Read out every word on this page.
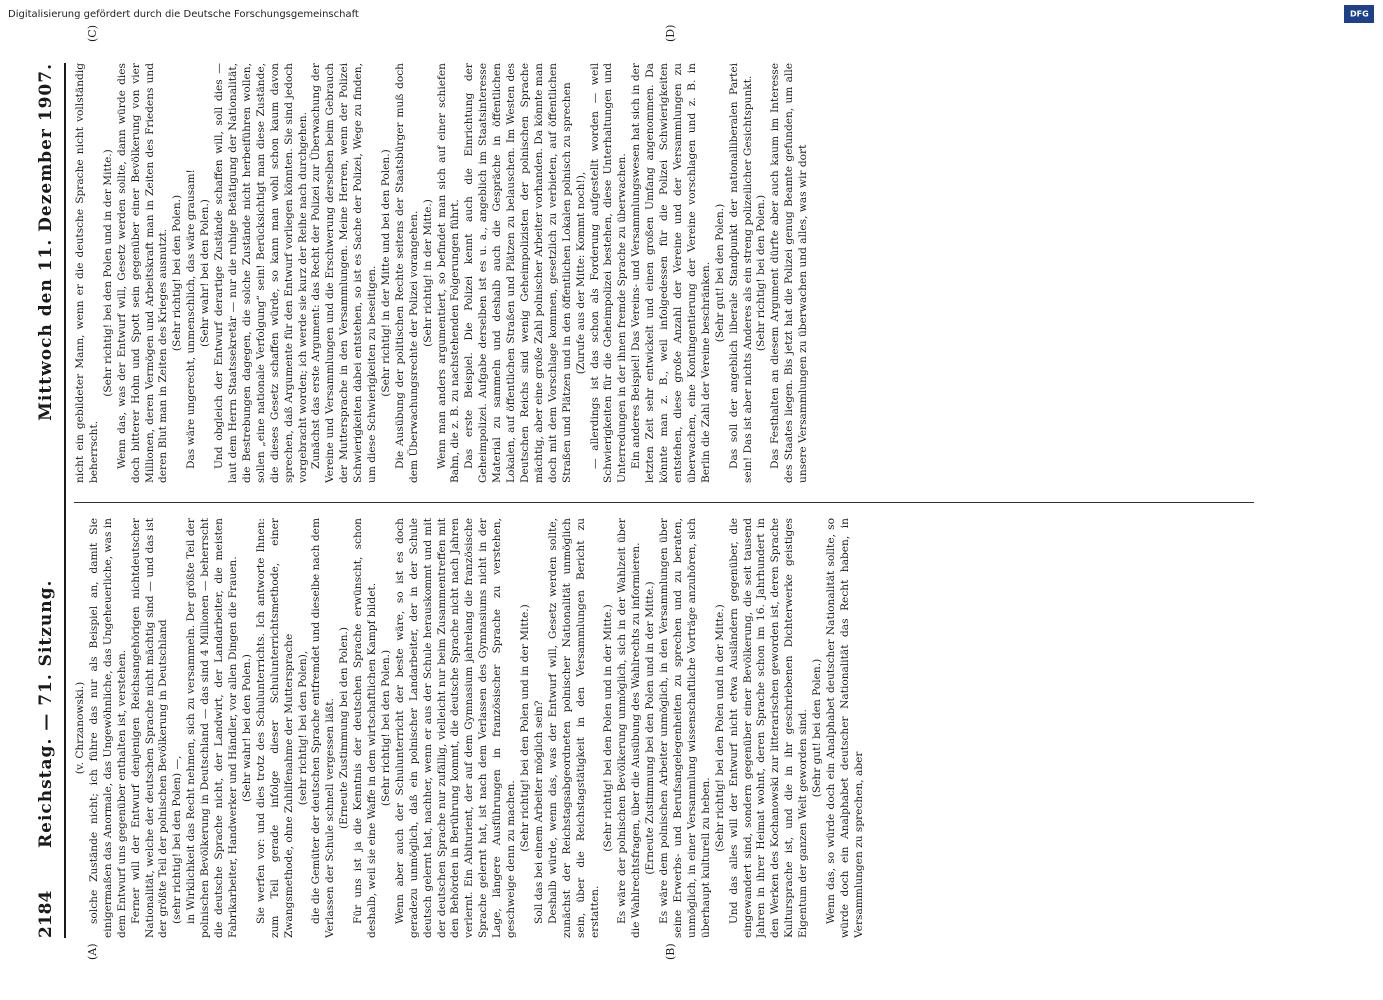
2184
Reichstag. — 71. Sitzung.
Mittwoch den 11. Dezember 1907.
(A)	(B)
(C)	(D)

(v. Chrzanowski.) solche Zustände nicht; ich führe das nur als Beispiel an, damit Sie einigermaßen das Anormale, das Ungewöhnliche, das Ungeheuerliche, was in dem Entwurf uns gegenüber enthalten ist, verstehen. Ferner will der Entwurf denjenigen Reichsangehörigen nichtdeutscher Nationalität, welche der deutschen Sprache nicht mächtig sind — und das ist der größte Teil der polnischen Bevölkerung in Deutschland (sehr richtig! bei den Polen) —, in Wirklichkeit das Recht nehmen, sich zu versammeln. Der größte Teil der polnischen Bevölkerung in Deutschland — das sind 4 Millionen — beherrscht die deutsche Sprache nicht, der Landwirt, der Landarbeiter, die meisten Fabrikarbeiter, Handwerker und Händler, vor allen Dingen die Frauen. (Sehr wahr! bei den Polen.) Sie werfen vor: und dies trotz des Schulunterrichts. Ich antworte Ihnen: zum Teil gerade infolge dieser Schulunterrichtsmethode, einer Zwangsmethode, ohne Zuhilfenahme der Muttersprache (sehr richtig! bei den Polen), die die Gemüter der deutschen Sprache entfremdet und dieselbe nach dem Verlassen der Schule schnell vergessen läßt. (Erneute Zustimmung bei den Polen.) Für uns ist ja die Kenntnis der deutschen Sprache erwünscht, schon deshalb, weil sie eine Waffe in dem wirtschaftlichen Kampf bildet. (Sehr richtig! bei den Polen.) Wenn aber auch der Schulunterricht der beste wäre, so ist es doch geradezu unmöglich, daß ein polnischer Landarbeiter, der in der Schule deutsch gelernt hat, nachher, wenn er aus der Schule herauskommt und mit der deutschen Sprache nur zufällig, vielleicht nur beim Zusammentreffen mit den Behörden in Berührung kommt, die deutsche Sprache nicht nach Jahren verlernt. Ein Abiturient, der auf dem Gymnasium jahrelang die französische Sprache gelernt hat, ist nach dem Verlassen des Gymnasiums nicht in der Lage, längere Ausführungen in französischer Sprache zu verstehen, geschweige denn zu machen.

(Sehr richtig! bei den Polen und in der Mitte.) Soll das bei einem Arbeiter möglich sein? Deshalb würde, wenn das, was der Entwurf will, Gesetz werden sollte, zunächst der Reichstagsabgeordneten polnischer Nationalität unmöglich sein, über die Reichstagstätigkeit in den Versammlungen Bericht zu erstatten.

(Sehr richtig! bei den Polen und in der Mitte.) Es wäre der polnischen Bevölkerung unmöglich, sich in der Wahlzeit über die Wahlrechtsfragen, über die Ausübung des Wahlrechts zu informieren. (Erneute Zustimmung bei den Polen und in der Mitte.) Es wäre dem polnischen Arbeiter unmöglich, in den Versammlungen über seine Erwerbs- und Berufsangelegenheiten zu sprechen und zu beraten, unmöglich, in einer Versammlung wissenschaftliche Vorträge anzuhören, sich überhaupt kulturell zu heben.

(Sehr richtig! bei den Polen und in der Mitte.) Und das alles will der Entwurf nicht etwa Ausländern gegenüber, die eingewandert sind, sondern gegenüber einer Bevölkerung, die seit tausend Jahren in ihrer Heimat wohnt, deren Sprache schon im 16. Jahrhundert in den Werken des Kochanowski zur litterarischen geworden ist, deren Sprache Kultursprache ist, und die in ihr geschriebenen Dichterwerke geistiges Eigentum der ganzen Welt geworden sind. (Sehr gut! bei den Polen.) Wenn das, so würde doch ein Analphabet deutscher Nationalität sollte, so würde doch ein Analphabet deutscher Nationalität das Recht haben, in Versammlungen zu sprechen, aber

nicht ein gebildeter Mann, wenn er die deutsche Sprache nicht vollständig beherrscht.

(Sehr richtig! bei den Polen und in der Mitte.) Wenn das, was der Entwurf will, Gesetz werden sollte, dann würde dies doch bitterer Hohn und Spott sein gegenüber einer Bevölkerung von vier Millionen, deren Vermögen und Arbeitskraft man in Zeiten des Friedens und deren Blut man in Zeiten des Krieges ausnutzt. (Sehr richtig! bei den Polen.) Das wäre ungerecht, unmenschlich, das wäre grausam! (Sehr wahr! bei den Polen.) Und obgleich der Entwurf derartige Zustände schaffen will, soll dies — laut dem Herrn Staatssekretär — nur die ruhige Betätigung der Nationalität, die Bestrebungen dagegen, die solche Zustände nicht herbeiführen wollen, sollen „eine nationale Verfolgung“ sein! Berücksichtigt man diese Zustände, die dieses Gesetz schaffen würde, so kann man wohl schon kaum davon sprechen, daß Argumente für den Entwurf vorliegen könnten. Sie sind jedoch vorgebracht worden; ich werde sie kurz der Reihe nach durchgehen. Zunächst das erste Argument: das Recht der Polizei zur Überwachung der Vereine und Versammlungen und die Erschwerung derselben beim Gebrauch der Muttersprache in den Versammlungen. Meine Herren, wenn der Polizei Schwierigkeiten dabei entstehen, so ist es Sache der Polizei, Wege zu finden, um diese Schwierigkeiten zu beseitigen. (Sehr richtig! in der Mitte und bei den Polen.) Die Ausübung der politischen Rechte seitens der Staatsbürger muß doch dem Überwachungsrechte der Polizei vorangehen. (Sehr richtig! in der Mitte.) Wenn man anders argumentiert, so befindet man sich auf einer schiefen Bahn, die z. B. zu nachstehenden Folgerungen führt. Das erste Beispiel. Die Polizei kennt auch die Einrichtung der Geheimpolizei. Aufgabe derselben ist es u. a., angeblich im Staatsinteresse Material zu sammeln und deshalb auch die Gespräche in öffentlichen Lokalen, auf öffentlichen Straßen und Plätzen zu belauschen. Im Westen des Deutschen Reichs sind wenig Geheimpolizisten der polnischen Sprache mächtig, aber eine große Zahl polnischer Arbeiter vorhanden. Da könnte man doch mit dem Vorschlage kommen, gesetzlich zu verbieten, auf öffentlichen Straßen und Plätzen und in den öffentlichen Lokalen polnisch zu sprechen (Zurufe aus der Mitte: Kommt noch!), — allerdings ist das schon als Forderung aufgestellt worden — weil Schwierigkeiten für die Geheimpolizei bestehen, diese Unterhaltungen und Unterredungen in der ihnen fremde Sprache zu überwachen. Ein anderes Beispiel! Das Vereins- und Versammlungswesen hat sich in der letzten Zeit sehr entwickelt und einen großen Umfang angenommen. Da könnte man z. B., weil infolgedessen für die Polizei Schwierigkeiten entstehen, diese große Anzahl der Vereine und der Versammlungen zu überwachen, eine Kontingentierung der Vereine vorschlagen und z. B. in Berlin die Zahl der Vereine beschränken. (Sehr gut! bei den Polen.) Das soll der angeblich liberale Standpunkt der nationalliberalen Partei sein! Das ist aber nichts Anderes als ein streng polizeilicher Gesichtspunkt. (Sehr richtig! bei den Polen.) Das Festhalten an diesem Argument dürfte aber auch kaum im Interesse des Staates liegen. Bis jetzt hat die Polizei genug Beamte gefunden, um alle unsere Versammlungen zu überwachen und alles, was wir dort

Digitalisierung gefördert durch die Deutsche Forschungsgemeinschaft	DFG
